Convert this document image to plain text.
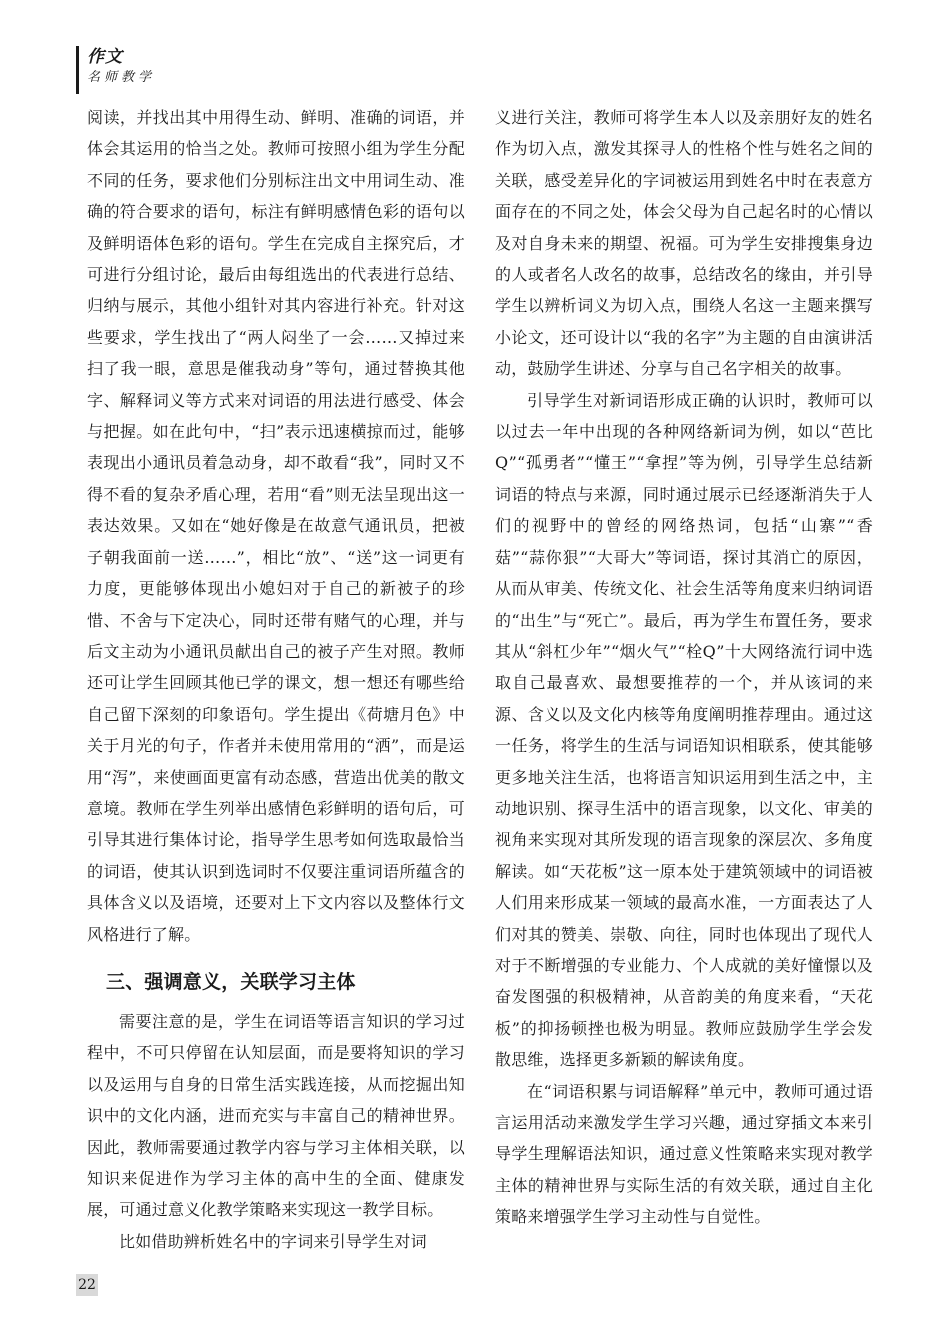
作文
名师教学

阅读，并找出其中用得生动、鲜明、准确的词语，并体会其运用的恰当之处。教师可按照小组为学生分配不同的任务，要求他们分别标注出文中用词生动、准确的符合要求的语句，标注有鲜明感情色彩的语句以及鲜明语体色彩的语句。学生在完成自主探究后，才可进行分组讨论，最后由每组选出的代表进行总结、归纳与展示，其他小组针对其内容进行补充。针对这些要求，学生找出了“两人闷坐了一会……又掉过来扫了我一眼，意思是催我动身”等句，通过替换其他字、解释词义等方式来对词语的用法进行感受、体会与把握。如在此句中，“扫”表示迅速横掠而过，能够表现出小通讯员着急动身，却不敢看“我”，同时又不得不看的复杂矛盾心理，若用“看”则无法呈现出这一表达效果。又如在“她好像是在故意气通讯员，把被子朝我面前一送……”，相比“放”、“送”这一词更有力度，更能够体现出小媳妇对于自己的新被子的珍惜、不舍与下定决心，同时还带有赌气的心理，并与后文主动为小通讯员献出自己的被子产生对照。教师还可让学生回顾其他已学的课文，想一想还有哪些给自己留下深刻的印象语句。学生提出《荷塘月色》中关于月光的句子，作者并未使用常用的“洒”，而是运用“泻”，来使画面更富有动态感，营造出优美的散文意境。教师在学生列举出感情色彩鲜明的语句后，可引导其进行集体讨论，指导学生思考如何选取最恰当的词语，使其认识到选词时不仅要注重词语所蕴含的具体含义以及语境，还要对上下文内容以及整体行文风格进行了解。

三、强调意义，关联学习主体

需要注意的是，学生在词语等语言知识的学习过程中，不可只停留在认知层面，而是要将知识的学习以及运用与自身的日常生活实践连接，从而挖掘出知识中的文化内涵，进而充实与丰富自己的精神世界。因此，教师需要通过教学内容与学习主体相关联，以知识来促进作为学习主体的高中生的全面、健康发展，可通过意义化教学策略来实现这一教学目标。

比如借助辨析姓名中的字词来引导学生对词

义进行关注，教师可将学生本人以及亲朋好友的姓名作为切入点，激发其探寻人的性格个性与姓名之间的关联，感受差异化的字词被运用到姓名中时在表意方面存在的不同之处，体会父母为自己起名时的心情以及对自身未来的期望、祝福。可为学生安排搜集身边的人或者名人改名的故事，总结改名的缘由，并引导学生以辨析词义为切入点，围绕人名这一主题来撰写小论文，还可设计以“我的名字”为主题的自由演讲活动，鼓励学生讲述、分享与自己名字相关的故事。

引导学生对新词语形成正确的认识时，教师可以以过去一年中出现的各种网络新词为例，如以“芭比Q”“孤勇者”“懂王”“拿捏”等为例，引导学生总结新词语的特点与来源，同时通过展示已经逐渐消失于人们的视野中的曾经的网络热词，包括“山寨”“香菇”“蒜你狠”“大哥大”等词语，探讨其消亡的原因，从而从审美、传统文化、社会生活等角度来归纳词语的“出生”与“死亡”。最后，再为学生布置任务，要求其从“斜杠少年”“烟火气”“栓Q”十大网络流行词中选取自己最喜欢、最想要推荐的一个，并从该词的来源、含义以及文化内核等角度阐明推荐理由。通过这一任务，将学生的生活与词语知识相联系，使其能够更多地关注生活，也将语言知识运用到生活之中，主动地识别、探寻生活中的语言现象，以文化、审美的视角来实现对其所发现的语言现象的深层次、多角度解读。如“天花板”这一原本处于建筑领域中的词语被人们用来形成某一领域的最高水准，一方面表达了人们对其的赞美、崇敬、向往，同时也体现出了现代人对于不断增强的专业能力、个人成就的美好憧憬以及奋发图强的积极精神，从音韵美的角度来看，“天花板”的抑扬顿挫也极为明显。教师应鼓励学生学会发散思维，选择更多新颖的解读角度。

在“词语积累与词语解释”单元中，教师可通过语言运用活动来激发学生学习兴趣，通过穿插文本来引导学生理解语法知识，通过意义性策略来实现对教学主体的精神世界与实际生活的有效关联，通过自主化策略来增强学生学习主动性与自觉性。

22
